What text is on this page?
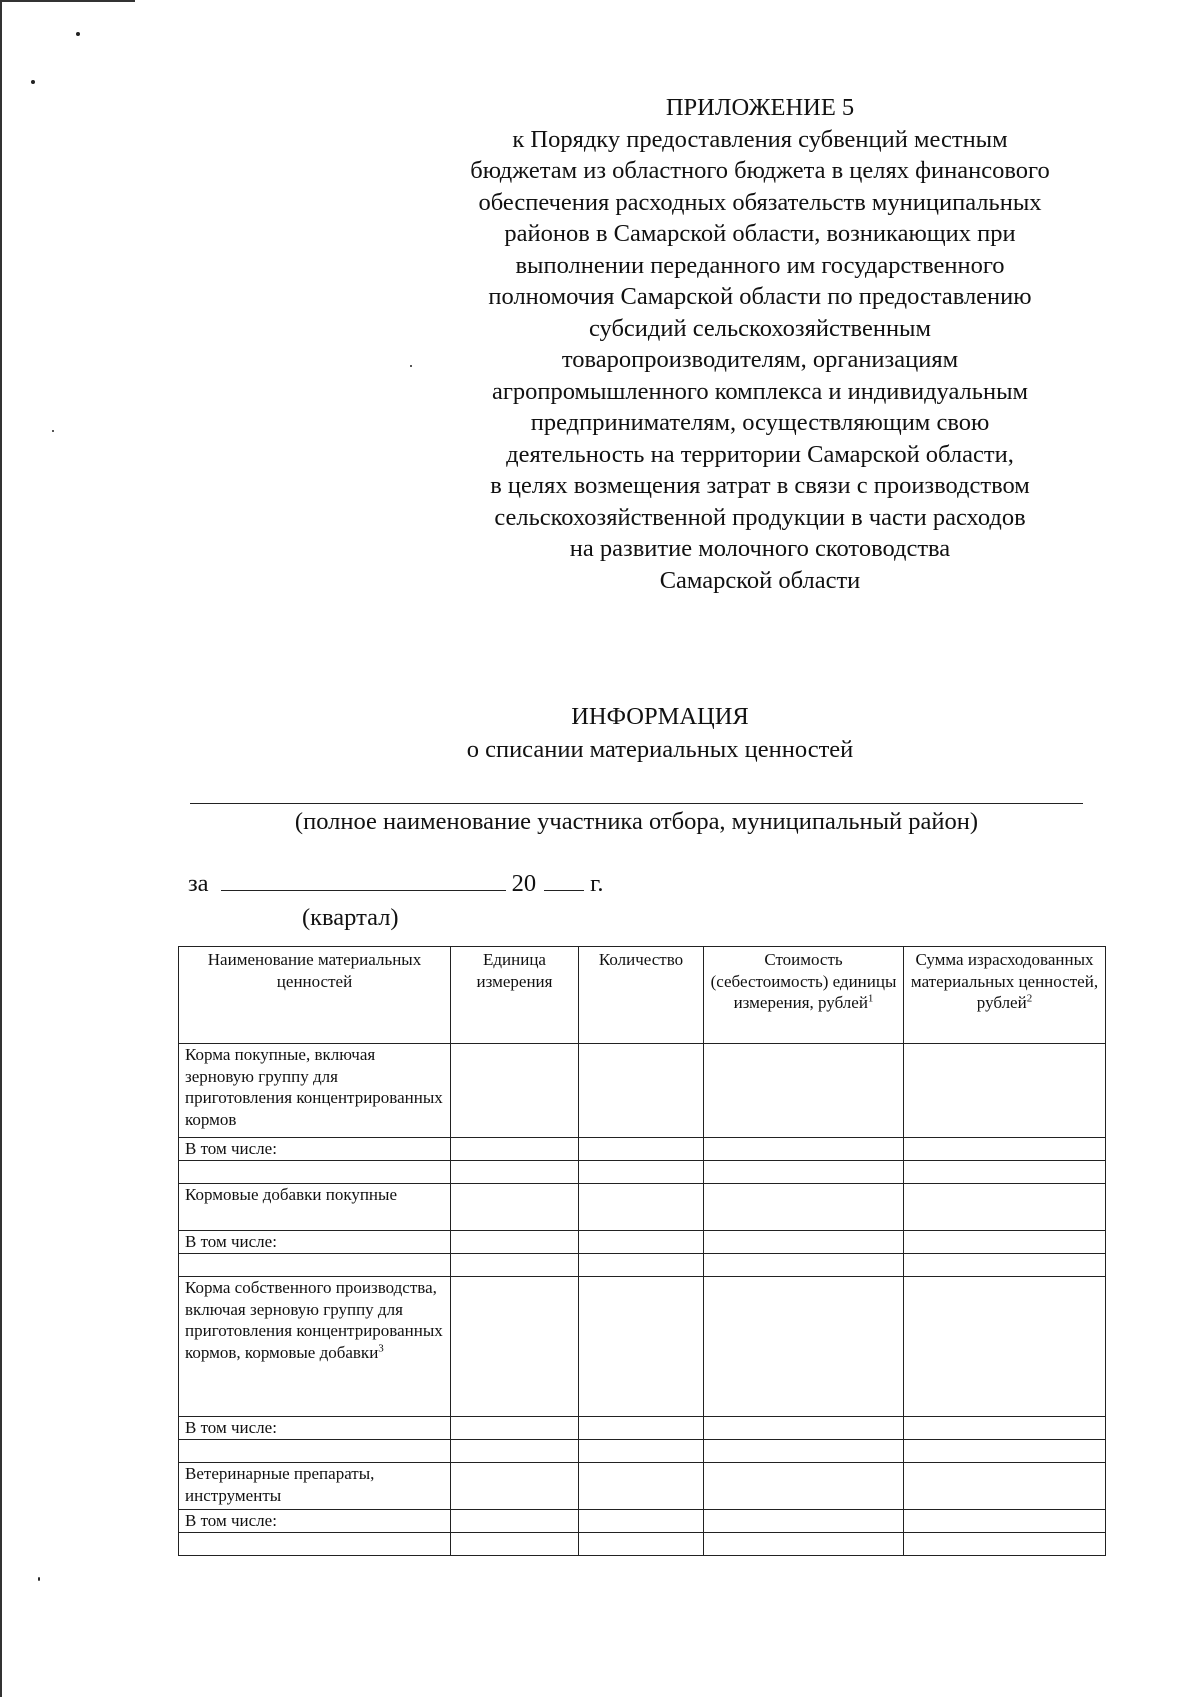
ПРИЛОЖЕНИЕ 5
к Порядку предоставления субвенций местным
бюджетам из областного бюджета в целях финансового
обеспечения расходных обязательств муниципальных
районов в Самарской области, возникающих при
выполнении переданного им государственного
полномочия Самарской области по предоставлению
субсидий сельскохозяйственным
товаропроизводителям, организациям
агропромышленного комплекса и индивидуальным
предпринимателям, осуществляющим свою
деятельность на территории Самарской области,
в целях возмещения затрат в связи с производством
сельскохозяйственной продукции в части расходов
на развитие молочного скотоводства
Самарской области
ИНФОРМАЦИЯ
о списании материальных ценностей
(полное наименование участника отбора, муниципальный район)
за	20 г.
(квартал)
Наименование материальных ценностей	Единица измерения	Количество	Стоимость (себестоимость) единицы измерения, рублей$^1$	Сумма израсходованных материальных ценностей, рублей$^2$
Корма покупные, включая зерновую группу для приготовления концентрированных кормов				
В том числе:				

Кормовые добавки покупные				
В том числе:				

Корма собственного производства, включая зерновую группу для приготовления концентрированных кормов, кормовые добавки$^3$				
В том числе:				

Ветеринарные препараты, инструменты				
В том числе:				
